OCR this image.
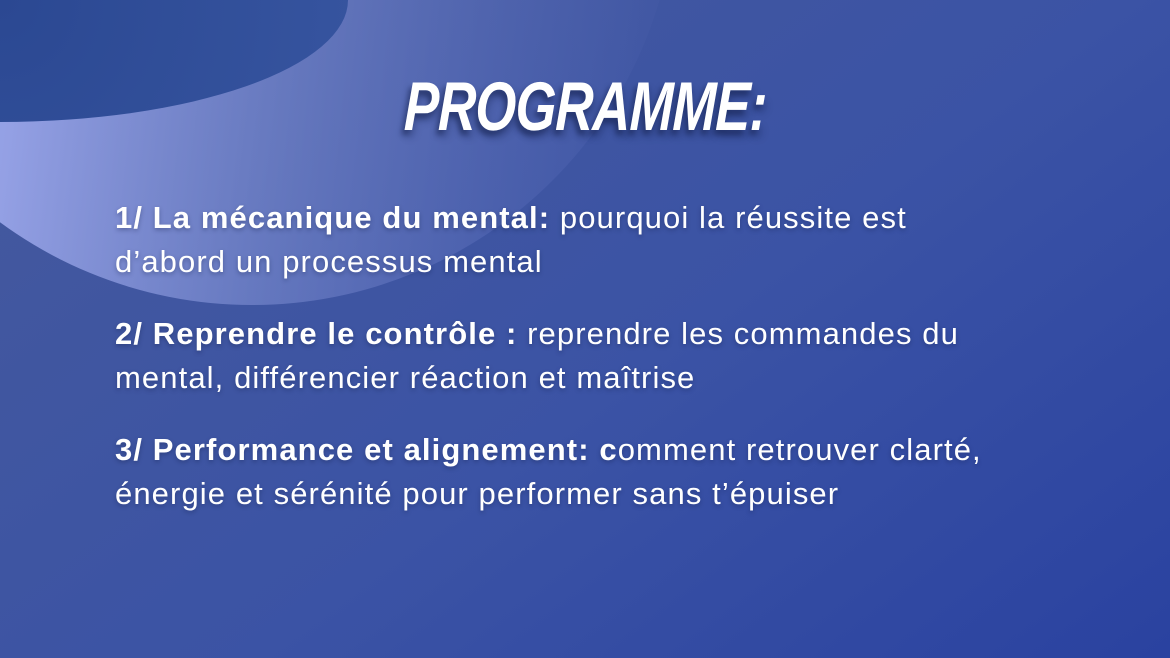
PROGRAMME:
1/ La mécanique du mental: pourquoi la réussite est
d’abord un processus mental
2/ Reprendre le contrôle : reprendre les commandes du
mental, différencier réaction et maîtrise
3/ Performance et alignement: comment retrouver clarté,
énergie et sérénité pour performer sans t’épuiser
